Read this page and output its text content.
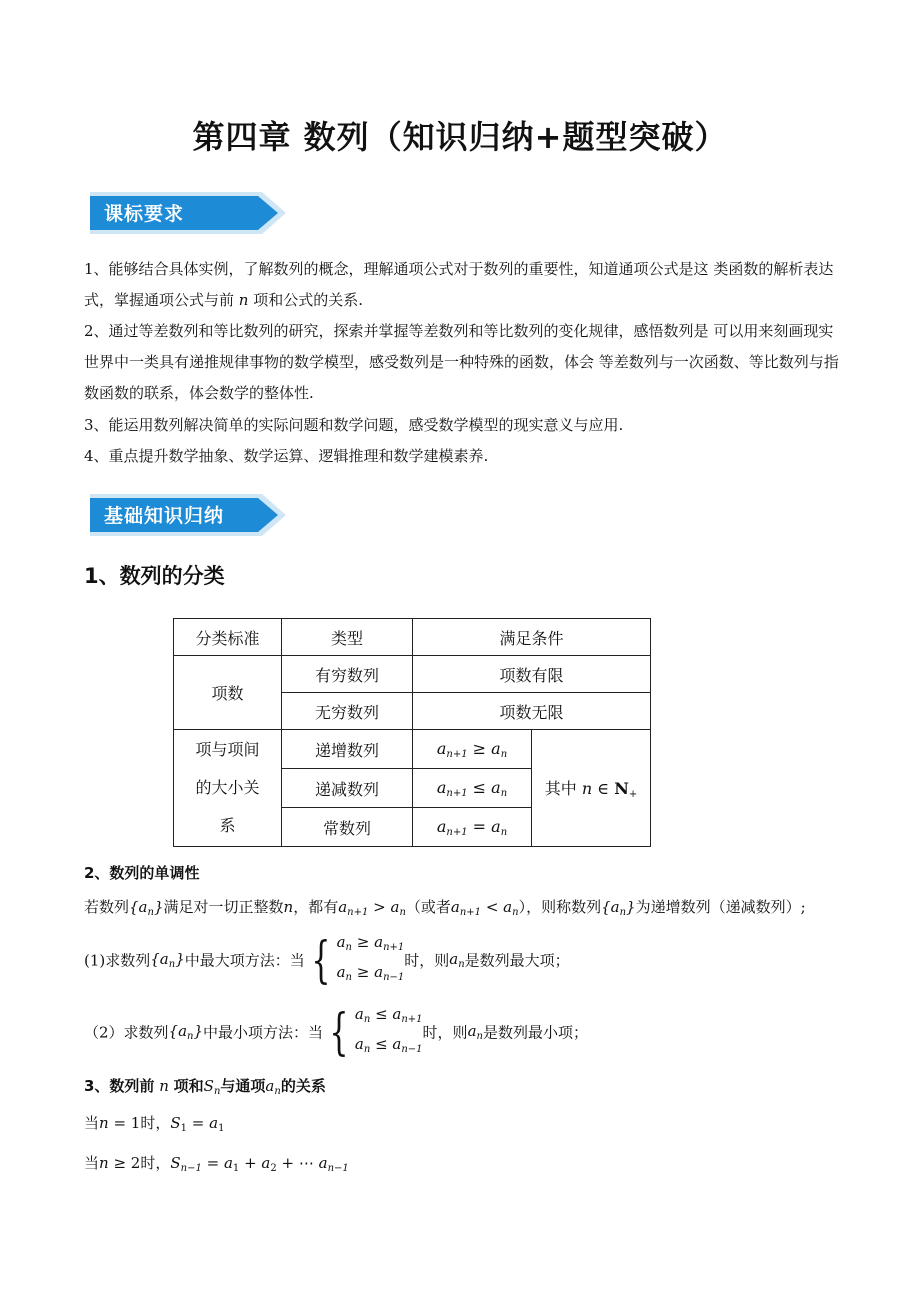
第四章 数列（知识归纳+题型突破）
课标要求
1、能够结合具体实例，了解数列的概念，理解通项公式对于数列的重要性，知道通项公式是这 类函数的解析表达式，掌握通项公式与前 n 项和公式的关系.
2、通过等差数列和等比数列的研究，探索并掌握等差数列和等比数列的变化规律，感悟数列是 可以用来刻画现实世界中一类具有递推规律事物的数学模型，感受数列是一种特殊的函数，体会 等差数列与一次函数、等比数列与指数函数的联系，体会数学的整体性.
3、能运用数列解决简单的实际问题和数学问题，感受数学模型的现实意义与应用.
4、重点提升数学抽象、数学运算、逻辑推理和数学建模素养.
基础知识归纳
1、数列的分类
分类标准	类型	满足条件	
项数	有穷数列	项数有限	
	无穷数列	项数无限	

项与项间
的大小关
系	递增数列	$a_{n+1} \ge a_n$	其中 n ∈ $N_+$
	递减数列	$a_{n+1} \le a_n$
	常数列	$a_{n+1} = a_n$
2、数列的单调性
若数列$\{a_n\}$满足对一切正整数n，都有$a_{n+1} > a_n$（或者$a_{n+1} < a_n$），则称数列$\{a_n\}$为递增数列（递减数列）;
(1)求数列$\{a_n\}$中最大项方法：当 { $a_n \ge a_{n+1}$
$a_n \ge a_{n-1}$
时，则$a_n$是数列最大项；
（2）求数列$\{a_n\}$中最小项方法：当 { $a_n \le a_{n+1}$
$a_n \le a_{n-1}$
时，则$a_n$是数列最小项；
3、数列前 n 项和$S_n$与通项$a_n$的关系
当n = 1时，$S_1 = a_1$
当n ≥ 2时，$S_{n-1} = a_1 + a_2$ + ⋯ $a_{n-1}$
